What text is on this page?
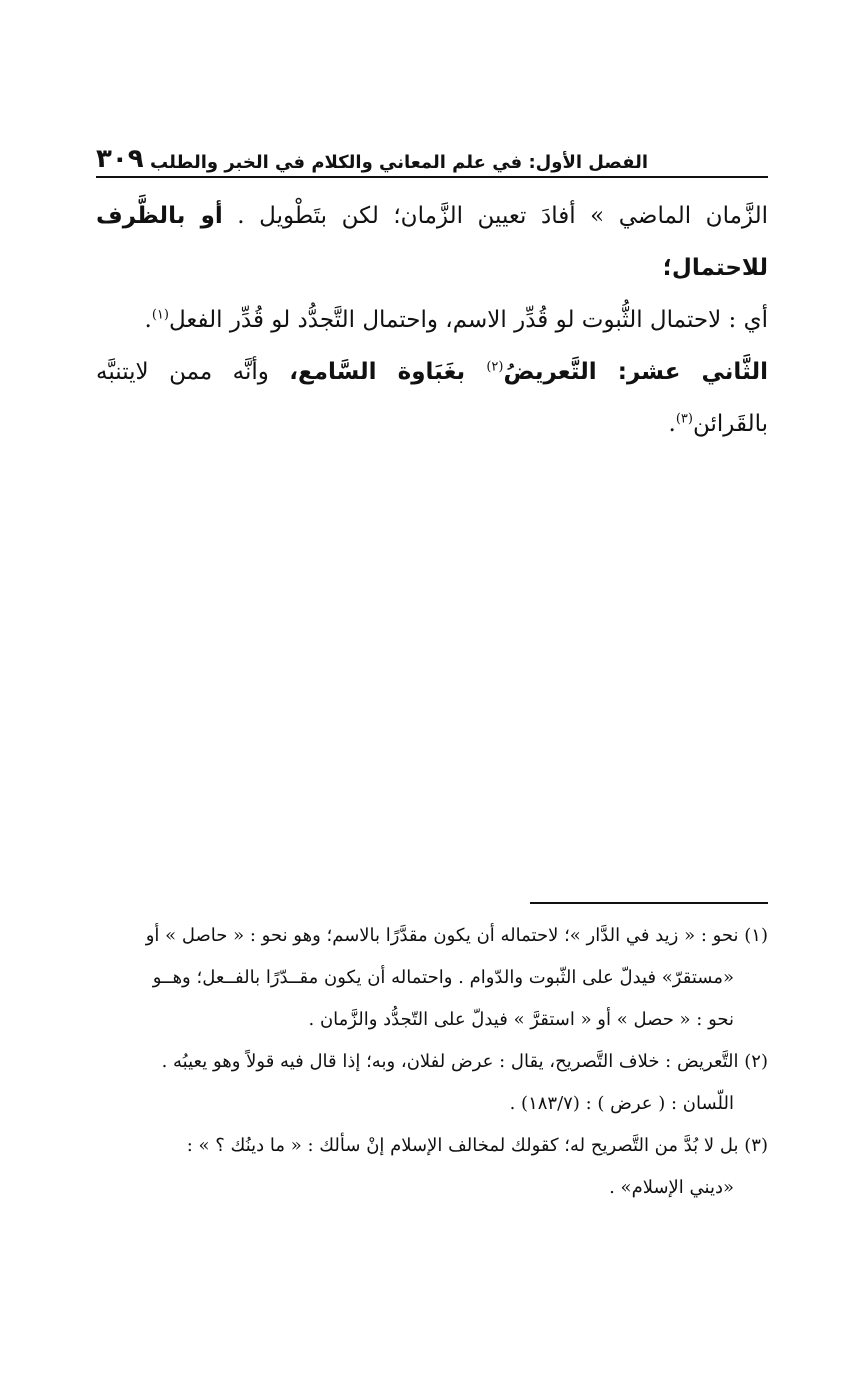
٣٠٩ الفصل الأول: في علم المعاني والكلام في الخبر والطلب

الزَّمان الماضي » أفادَ تعيين الزَّمان؛ لكن بتَطْويل . أو بالظَّرف للاحتمال؛

أي : لاحتمال الثُّبوت لو قُدِّر الاسم، واحتمال التَّجدُّد لو قُدِّر الفعل$^{(١)}$.

الثَّاني عشر: التَّعريضُ$^{(٢)}$ بغَبَاوة السَّامع، وأنَّه ممن لايتنبَّه بالقَرائن$^{(٣)}$.

(١) نحو : « زيد في الدَّار »؛ لاحتماله أن يكون مقدَّرًا بالاسم؛ وهو نحو : « حاصل » أو

«مستقرّ» فيدلّ على الثّبوت والدّوام . واحتماله أن يكون مقــدّرًا بالفــعل؛ وهــو

نحو : « حصل » أو « استقرَّ » فيدلّ على التّجدُّد والزَّمان .

(٢) التَّعريض : خلاف التَّصريح، يقال : عرض لفلان، وبه؛ إذا قال فيه قولاً وهو يعيبُه .

اللّسان : ( عرض ) : (١٨٣/٧) .

(٣) بل لا بُدَّ من التَّصريح له؛ كقولك لمخالف الإسلام إنْ سألك : « ما دينُك ؟ » :

«ديني الإسلام» .
